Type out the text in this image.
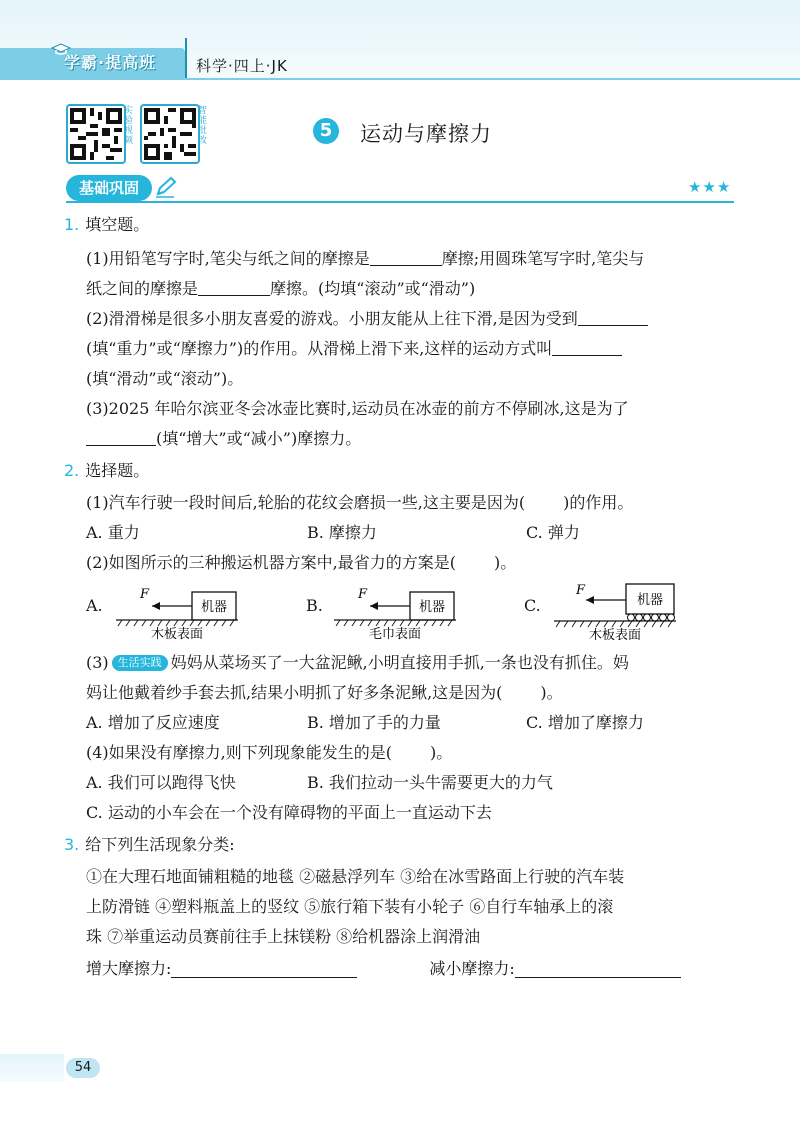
学霸·提高班	科学·四上·JK
实验视频
智能批改	5	运动与摩擦力
基础巩固	★★★

1. 填空题。

(1)用铅笔写字时,笔尖与纸之间的摩擦是	摩擦;用圆珠笔写字时,笔尖与

纸之间的摩擦是	摩擦。(均填“滚动”或“滑动”)

(2)滑滑梯是很多小朋友喜爱的游戏。小朋友能从上往下滑,是因为受到

(填“重力”或“摩擦力”)的作用。从滑梯上滑下来,这样的运动方式叫

(填“滑动”或“滚动”)。

(3)2025 年哈尔滨亚冬会冰壶比赛时,运动员在冰壶的前方不停刷冰,这是为了

(填“增大”或“减小”)摩擦力。

2. 选择题。

(1)汽车行驶一段时间后,轮胎的花纹会磨损一些,这主要是因为( )的作用。

A. 重力	B. 摩擦力	C. 弹力

(2)如图所示的三种搬运机器方案中,最省力的方案是( )。

A.
F
机器
木板表面
B.
F
机器
毛巾表面
C.
F
机器
木板表面

(3) 生活实践 妈妈从菜场买了一大盆泥鳅,小明直接用手抓,一条也没有抓住。妈

妈让他戴着纱手套去抓,结果小明抓了好多条泥鳅,这是因为( )。

A. 增加了反应速度	B. 增加了手的力量	C. 增加了摩擦力

(4)如果没有摩擦力,则下列现象能发生的是( )。

A. 我们可以跑得飞快	B. 我们拉动一头牛需要更大的力气

C. 运动的小车会在一个没有障碍物的平面上一直运动下去

3. 给下列生活现象分类:

①在大理石地面铺粗糙的地毯 ②磁悬浮列车 ③给在冰雪路面上行驶的汽车装

上防滑链 ④塑料瓶盖上的竖纹 ⑤旅行箱下装有小轮子 ⑥自行车轴承上的滚

珠 ⑦举重运动员赛前往手上抹镁粉 ⑧给机器涂上润滑油

增大摩擦力:	减小摩擦力:

54
